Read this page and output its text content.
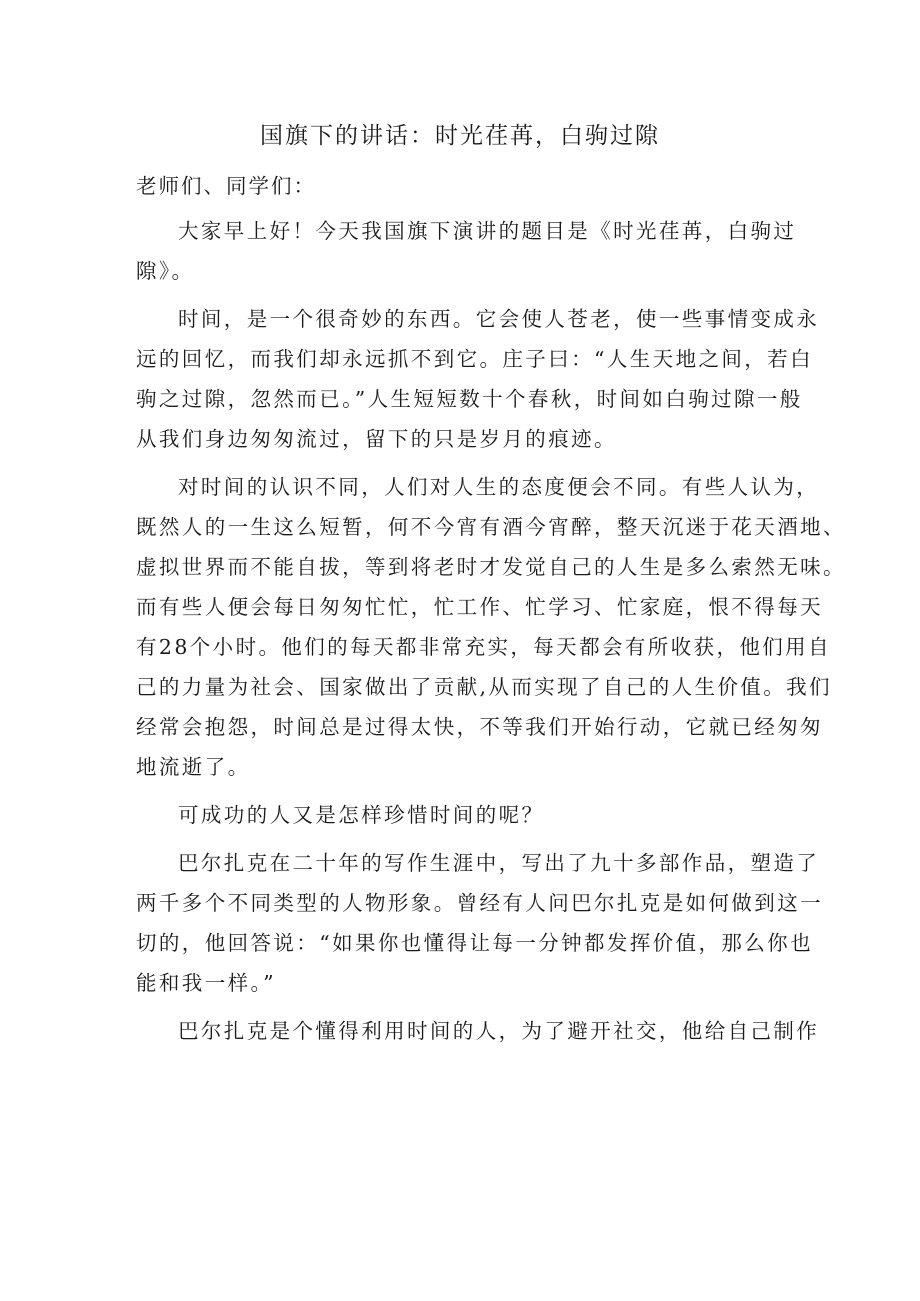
国旗下的讲话：时光荏苒，白驹过隙
老师们、同学们：

大家早上好！今天我国旗下演讲的题目是《时光荏苒，白驹过
隙》。

时间，是一个很奇妙的东西。它会使人苍老，使一些事情变成永
远的回忆，而我们却永远抓不到它。庄子曰：“人生天地之间，若白
驹之过隙，忽然而已。”人生短短数十个春秋，时间如白驹过隙一般
从我们身边匆匆流过，留下的只是岁月的痕迹。

对时间的认识不同，人们对人生的态度便会不同。有些人认为，
既然人的一生这么短暂，何不今宵有酒今宵醉，整天沉迷于花天酒地、
虚拟世界而不能自拔，等到将老时才发觉自己的人生是多么索然无味。
而有些人便会每日匆匆忙忙，忙工作、忙学习、忙家庭，恨不得每天
有28个小时。他们的每天都非常充实，每天都会有所收获，他们用自
己的力量为社会、国家做出了贡献,从而实现了自己的人生价值。我们
经常会抱怨，时间总是过得太快，不等我们开始行动，它就已经匆匆
地流逝了。

可成功的人又是怎样珍惜时间的呢？

巴尔扎克在二十年的写作生涯中，写出了九十多部作品，塑造了
两千多个不同类型的人物形象。曾经有人问巴尔扎克是如何做到这一
切的，他回答说：“如果你也懂得让每一分钟都发挥价值，那么你也
能和我一样。”

巴尔扎克是个懂得利用时间的人，为了避开社交，他给自己制作
